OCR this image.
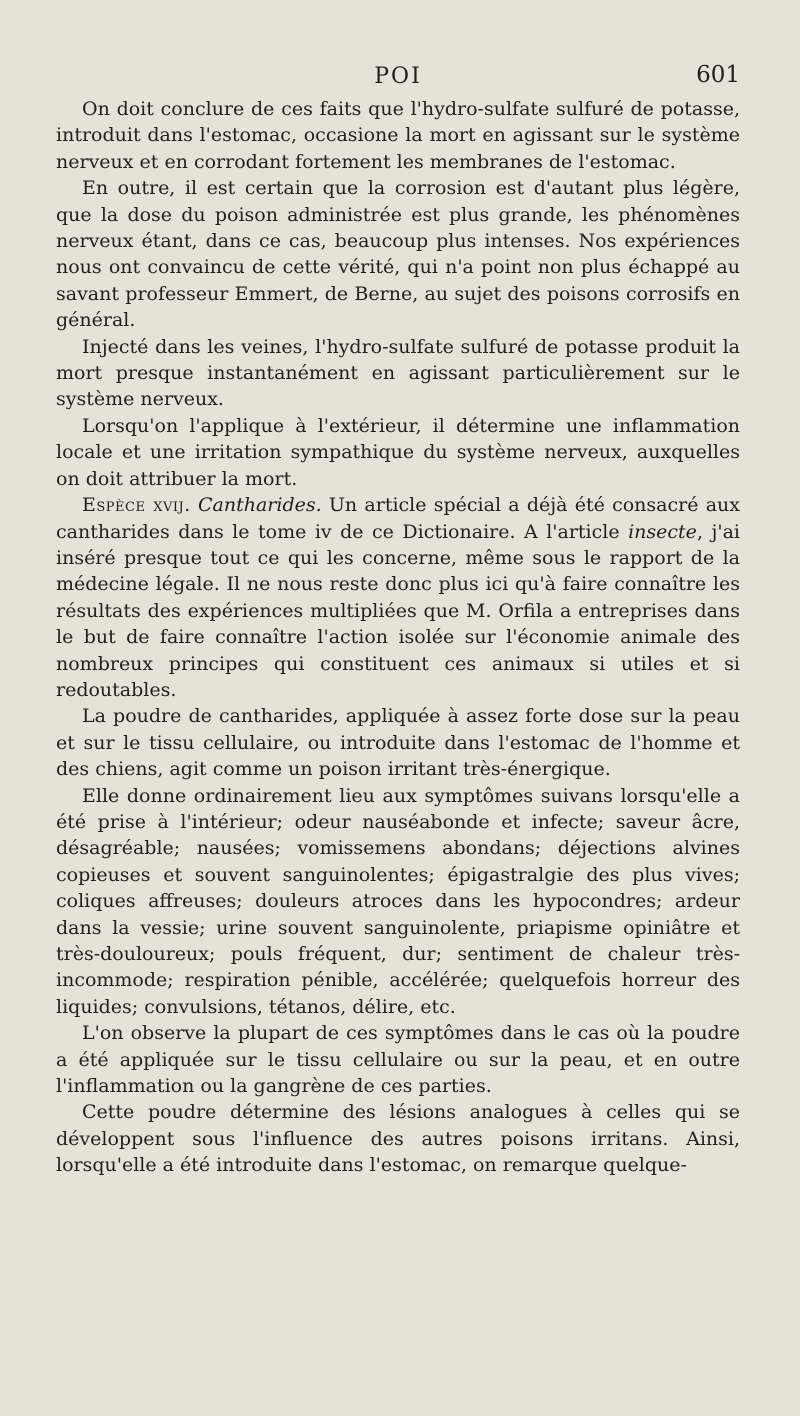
POI	601

On doit conclure de ces faits que l'hydro-sulfate sulfuré de potasse, introduit dans l'estomac, occasione la mort en agissant sur le système nerveux et en corrodant fortement les membranes de l'estomac.

En outre, il est certain que la corrosion est d'autant plus légère, que la dose du poison administrée est plus grande, les phénomènes nerveux étant, dans ce cas, beaucoup plus intenses. Nos expériences nous ont convaincu de cette vérité, qui n'a point non plus échappé au savant professeur Emmert, de Berne, au sujet des poisons corrosifs en général.

Injecté dans les veines, l'hydro-sulfate sulfuré de potasse produit la mort presque instantanément en agissant particulièrement sur le système nerveux.

Lorsqu'on l'applique à l'extérieur, il détermine une inflammation locale et une irritation sympathique du système nerveux, auxquelles on doit attribuer la mort.

Espèce xvij. Cantharides. Un article spécial a déjà été consacré aux cantharides dans le tome iv de ce Dictionaire. A l'article insecte, j'ai inséré presque tout ce qui les concerne, même sous le rapport de la médecine légale. Il ne nous reste donc plus ici qu'à faire connaître les résultats des expériences multipliées que M. Orfila a entreprises dans le but de faire connaître l'action isolée sur l'économie animale des nombreux principes qui constituent ces animaux si utiles et si redoutables.

La poudre de cantharides, appliquée à assez forte dose sur la peau et sur le tissu cellulaire, ou introduite dans l'estomac de l'homme et des chiens, agit comme un poison irritant très-énergique.

Elle donne ordinairement lieu aux symptômes suivans lorsqu'elle a été prise à l'intérieur; odeur nauséabonde et infecte; saveur âcre, désagréable; nausées; vomissemens abondans; déjections alvines copieuses et souvent sanguinolentes; épigastralgie des plus vives; coliques affreuses; douleurs atroces dans les hypocondres; ardeur dans la vessie; urine souvent sanguinolente, priapisme opiniâtre et très-douloureux; pouls fréquent, dur; sentiment de chaleur très-incommode; respiration pénible, accélérée; quelquefois horreur des liquides; convulsions, tétanos, délire, etc.

L'on observe la plupart de ces symptômes dans le cas où la poudre a été appliquée sur le tissu cellulaire ou sur la peau, et en outre l'inflammation ou la gangrène de ces parties.

Cette poudre détermine des lésions analogues à celles qui se développent sous l'influence des autres poisons irritans. Ainsi, lorsqu'elle a été introduite dans l'estomac, on remarque quelque-
